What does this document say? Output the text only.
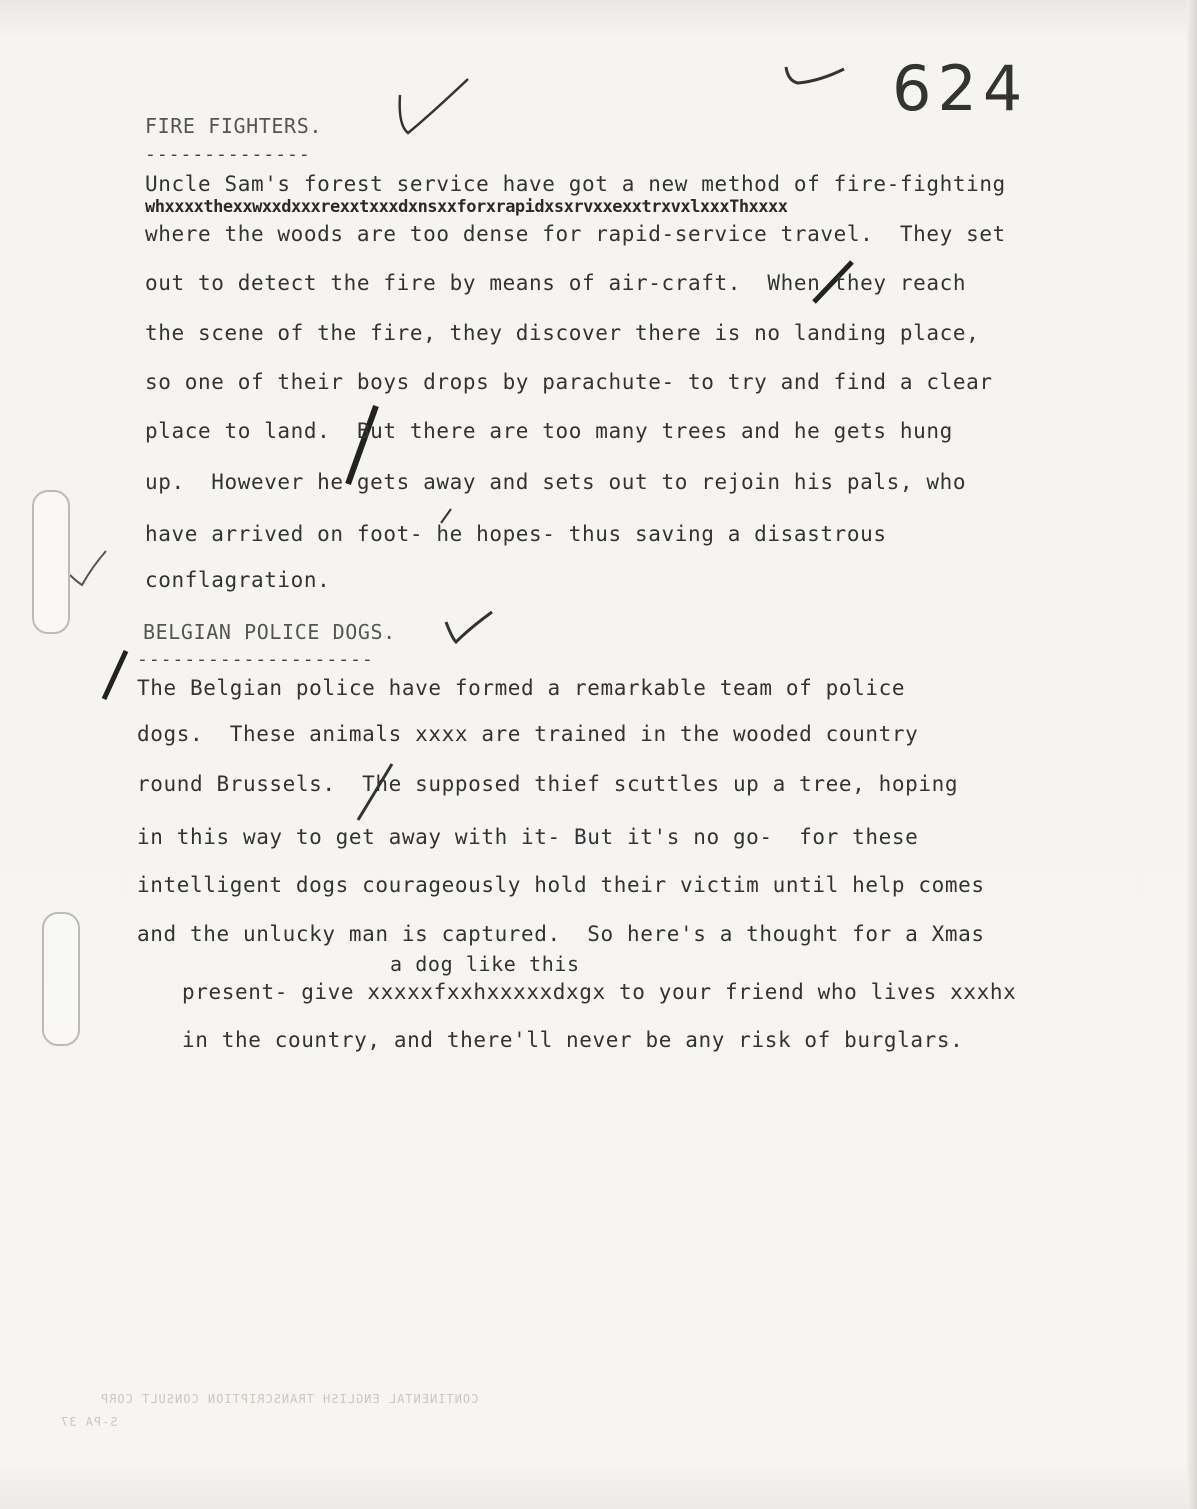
624
FIRE FIGHTERS.
--------------
Uncle Sam's forest service have got a new method of fire-fighting
whxxxxthexxwxxdxxxrexxtxxxdxnsxxforxrapidxsxrvxxexxtrxvxlxxxThxxxx
where the woods are too dense for rapid-service travel.  They set
out to detect the fire by means of air-craft.  When they reach
the scene of the fire, they discover there is no landing place,
so one of their boys drops by parachute- to try and find a clear
place to land.  But there are too many trees and he gets hung
up.  However he gets away and sets out to rejoin his pals, who
have arrived on foot- he hopes- thus saving a disastrous
conflagration.
BELGIAN POLICE DOGS.
--------------------
The Belgian police have formed a remarkable team of police
dogs.  These animals xxxx are trained in the wooded country
round Brussels.  The supposed thief scuttles up a tree, hoping
in this way to get away with it- But it's no go-  for these
intelligent dogs courageously hold their victim until help comes
and the unlucky man is captured.  So here's a thought for a Xmas
a dog like this
present- give xxxxxfxxhxxxxxdxgx to your friend who lives xxxhx
in the country, and there'll never be any risk of burglars.
CONTINENTAL ENGLISH TRANSCRIPTION CONSULT CORP
S-PA 37
